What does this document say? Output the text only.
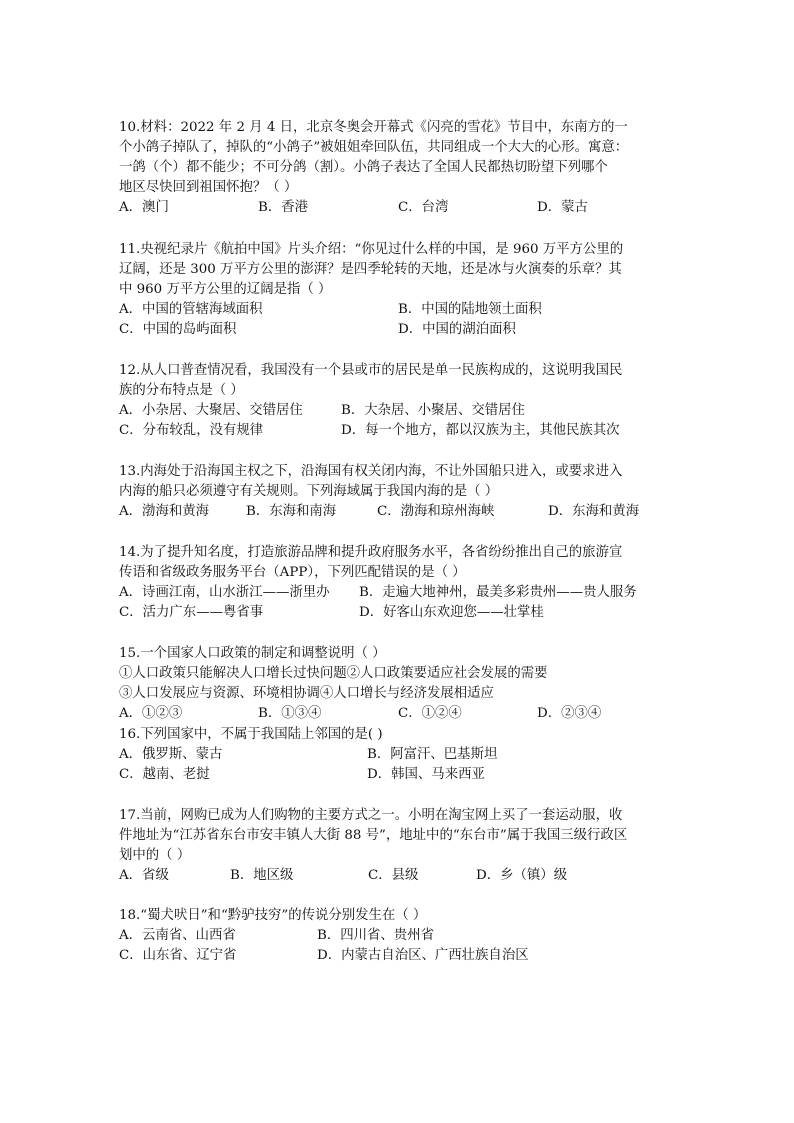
10.材料：2022 年 2 月 4 日，北京冬奥会开幕式《闪亮的雪花》节目中，东南方的一
个小鸽子掉队了，掉队的“小鸽子”被姐姐牵回队伍，共同组成一个大大的心形。寓意：
一鸽（个）都不能少；不可分鸽（割）。小鸽子表达了全国人民都热切盼望下列哪个
地区尽快回到祖国怀抱？（ ）
A．澳门	B．香港	C．台湾	D．蒙古
11.央视纪录片《航拍中国》片头介绍：“你见过什么样的中国，是 960 万平方公里的
辽阔，还是 300 万平方公里的澎湃？是四季轮转的天地，还是冰与火演奏的乐章？其
中 960 万平方公里的辽阔是指（ ）
A．中国的管辖海域面积	B．中国的陆地领土面积
C．中国的岛屿面积	D．中国的湖泊面积
12.从人口普查情况看，我国没有一个县或市的居民是单一民族构成的，这说明我国民
族的分布特点是（ ）
A．小杂居、大聚居、交错居住	B．大杂居、小聚居、交错居住
C．分布较乱，没有规律	D．每一个地方，都以汉族为主，其他民族其次
13.内海处于沿海国主权之下，沿海国有权关闭内海，不让外国船只进入，或要求进入
内海的船只必须遵守有关规则。下列海域属于我国内海的是（ ）
A．渤海和黄海	B．东海和南海	C．渤海和琼州海峡	D．东海和黄海
14.为了提升知名度，打造旅游品牌和提升政府服务水平，各省纷纷推出自己的旅游宣
传语和省级政务服务平台（APP），下列匹配错误的是（ ）
A．诗画江南，山水浙江——浙里办 B．走遍大地神州，最美多彩贵州——贵人服务
C．活力广东——粤省事	D．好客山东欢迎您——壮掌桂
15.一个国家人口政策的制定和调整说明（ ）
①人口政策只能解决人口增长过快问题②人口政策要适应社会发展的需要
③人口发展应与资源、环境相协调④人口增长与经济发展相适应
A．①②③	B．①③④	C．①②④	D．②③④
16.下列国家中，不属于我国陆上邻国的是( )
A．俄罗斯、蒙古	B．阿富汗、巴基斯坦
C．越南、老挝	D．韩国、马来西亚
17.当前，网购已成为人们购物的主要方式之一。小明在淘宝网上买了一套运动服，收
件地址为“江苏省东台市安丰镇人大街 88 号”，地址中的“东台市”属于我国三级行政区
划中的（ ）
A．省级	B．地区级	C．县级	D．乡（镇）级
18.“蜀犬吠日”和“黔驴技穷”的传说分别发生在（ ）
A．云南省、山西省	B．四川省、贵州省
C．山东省、辽宁省	D．内蒙古自治区、广西壮族自治区
